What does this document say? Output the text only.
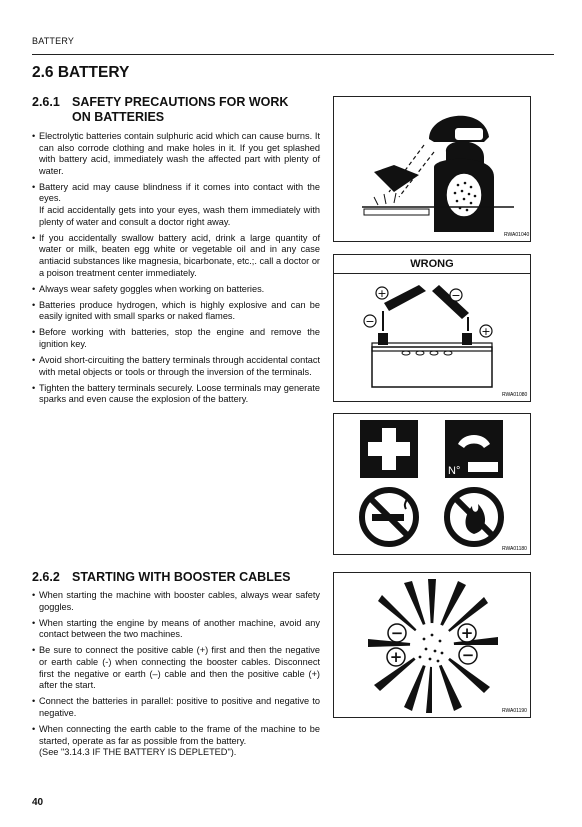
BATTERY
2.6 BATTERY
2.6.1 SAFETY PRECAUTIONS FOR WORK
ON BATTERIES
• Electrolytic batteries contain sulphuric acid which can cause burns. It can also corrode clothing and make holes in it. If you get splashed with battery acid, immediately wash the affected part with plenty of water.
• Battery acid may cause blindness if it comes into contact with the eyes.
If acid accidentally gets into your eyes, wash them immediately with plenty of water and consult a doctor right away.
• If you accidentally swallow battery acid, drink a large quantity of water or milk, beaten egg white or vegetable oil and in any case antiacid substances like magnesia, bicarbonate, etc.;. call a doctor or a poison treatment center immediately.
• Always wear safety goggles when working on batteries.
• Batteries produce hydrogen, which is highly explosive and can be easily ignited with small sparks or naked flames.
• Before working with batteries, stop the engine and remove the ignition key.
• Avoid short-circuiting the battery terminals through accidental contact with metal objects or tools or through the inversion of the terminals.
• Tighten the battery terminals securely. Loose terminals may generate sparks and even cause the explosion of the battery.
RWA01040
WRONG
+
−
−
+
RWA01080
N°
RWA01180
2.6.2 STARTING WITH BOOSTER CABLES
• When starting the machine with booster cables, always wear safety goggles.
• When starting the engine by means of another machine, avoid any contact between the two machines.
• Be sure to connect the positive cable (+) first and then the negative or earth cable (-) when connecting the booster cables. Disconnect first the negative or earth (–) cable and then the positive cable (+) after the start.
• Connect the batteries in parallel: positive to positive and negative to negative.
• When connecting the earth cable to the frame of the machine to be started, operate as far as possible from the battery.
(See "3.14.3 IF THE BATTERY IS DEPLETED").
−
+
+
−
RWA01190
40
